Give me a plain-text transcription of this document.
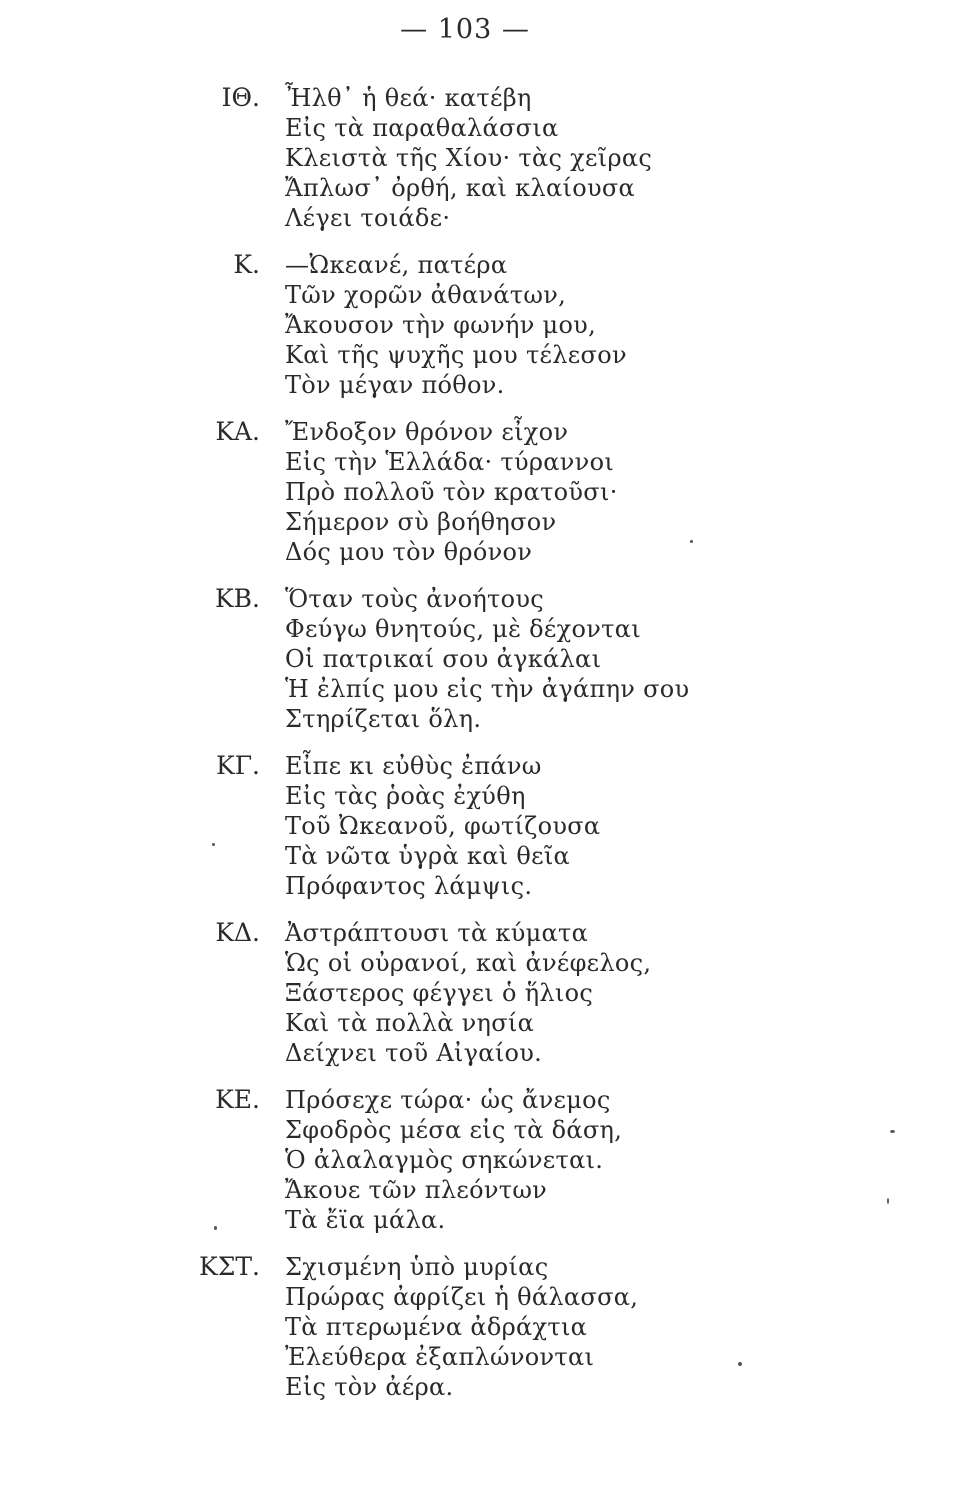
— 103 —
ΙΘ. Ἦλθ᾽ ἡ θεά· κατέβη
Εἰς τὰ παραθαλάσσια
Κλειστὰ τῆς Χίου· τὰς χεῖρας
Ἄπλωσ᾽ ὀρθή, καὶ κλαίουσα
Λέγει τοιάδε·
Κ. —Ὠκεανέ, πατέρα
Τῶν χορῶν ἀθανάτων,
Ἄκουσον τὴν φωνήν μου,
Καὶ τῆς ψυχῆς μου τέλεσον
Τὸν μέγαν πόθον.
ΚΑ. Ἔνδοξον θρόνον εἶχον
Εἰς τὴν Ἑλλάδα· τύραννοι
Πρὸ πολλοῦ τὸν κρατοῦσι·
Σήμερον σὺ βοήθησον
Δός μου τὸν θρόνον
ΚΒ. Ὅταν τοὺς ἀνοήτους
Φεύγω θνητούς, μὲ δέχονται
Οἱ πατρικαί σου ἀγκάλαι
Ἡ ἐλπίς μου εἰς τὴν ἀγάπην σου
Στηρίζεται ὅλη.
ΚΓ. Εἶπε κι εὐθὺς ἐπάνω
Εἰς τὰς ῥοὰς ἐχύθη
Τοῦ Ὠκεανοῦ, φωτίζουσα
Τὰ νῶτα ὑγρὰ καὶ θεῖα
Πρόφαντος λάμψις.
ΚΔ. Ἀστράπτουσι τὰ κύματα
Ὡς οἱ οὐρανοί, καὶ ἀνέφελος,
Ξάστερος φέγγει ὁ ἥλιος
Καὶ τὰ πολλὰ νησία
Δείχνει τοῦ Αἰγαίου.
ΚΕ. Πρόσεχε τώρα· ὡς ἄνεμος
Σφοδρὸς μέσα εἰς τὰ δάση,
Ὁ ἀλαλαγμὸς σηκώνεται.
Ἄκουε τῶν πλεόντων
Τὰ ἔϊα μάλα.
ΚΣΤ. Σχισμένη ὑπὸ μυρίας
Πρώρας ἀφρίζει ἡ θάλασσα,
Τὰ πτερωμένα ἀδράχτια
Ἐλεύθερα ἐξαπλώνονται
Εἰς τὸν ἀέρα.
